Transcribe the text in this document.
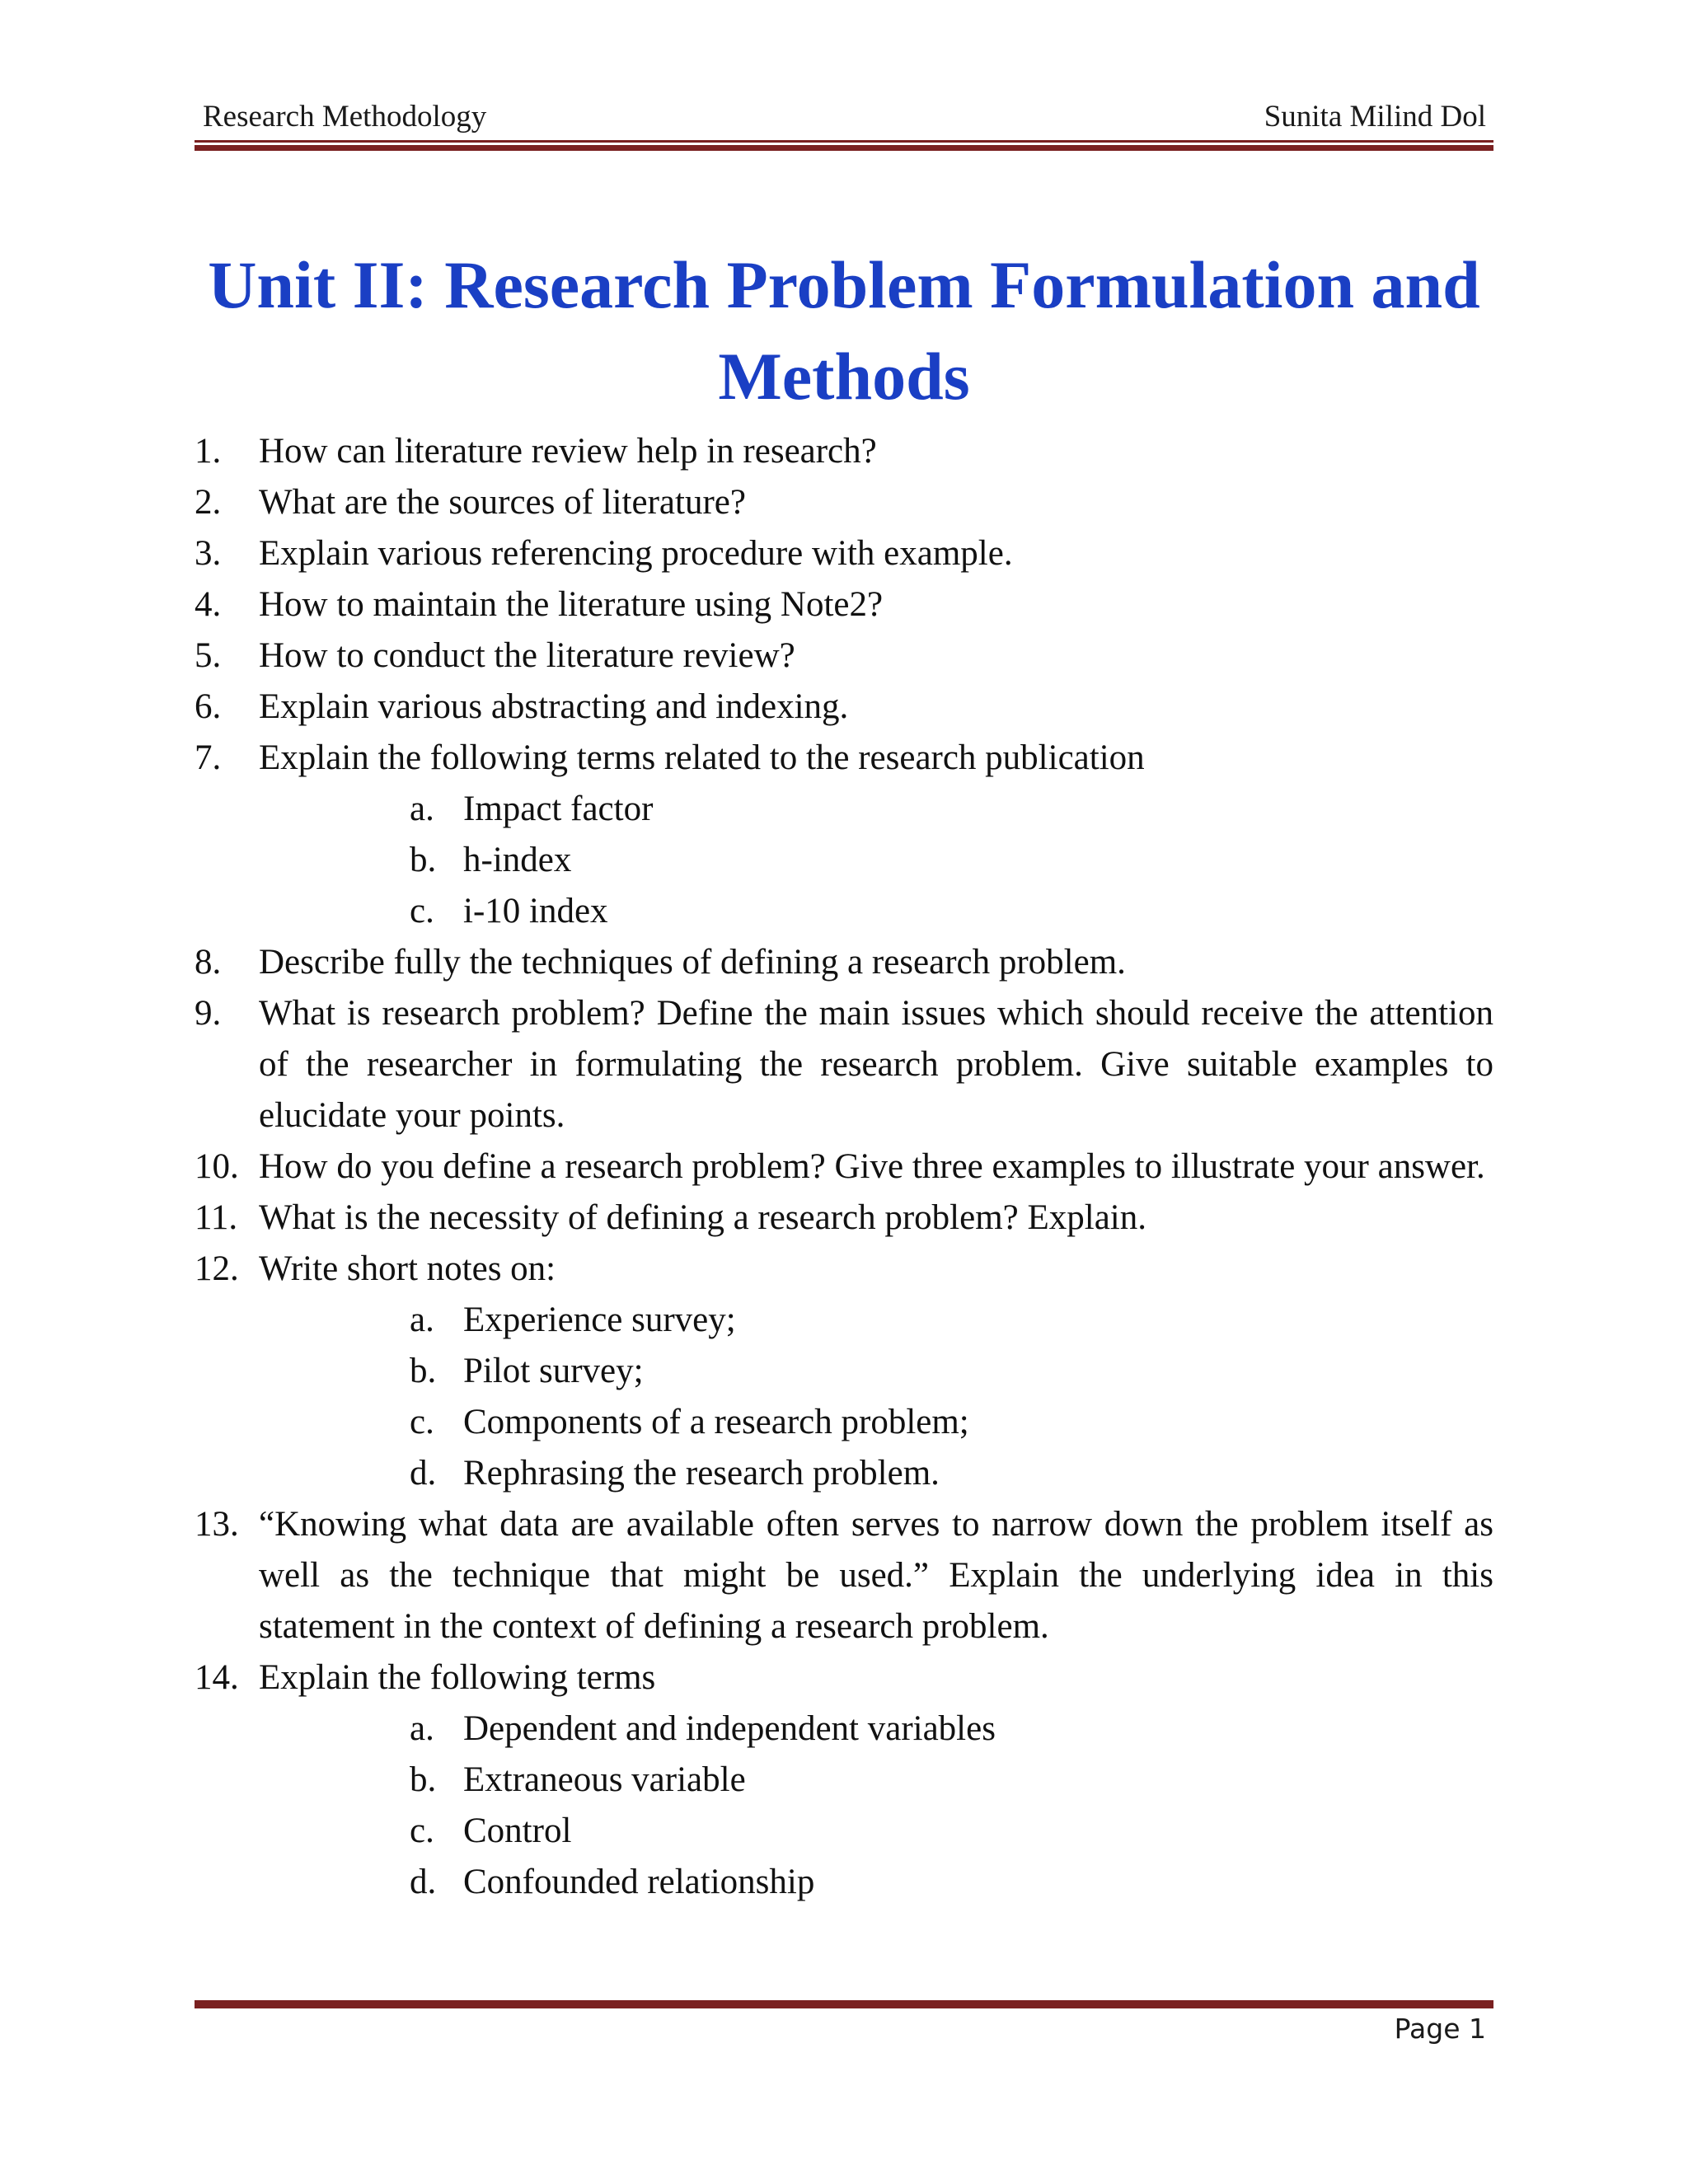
Research Methodology	Sunita Milind Dol
Unit II: Research Problem Formulation and Methods
1.	How can literature review help in research?
2.	What are the sources of literature?
3.	Explain various referencing procedure with example.
4.	How to maintain the literature using Note2?
5.	How to conduct the literature review?
6.	Explain various abstracting and indexing.
7.	Explain the following terms related to the research publication
a. Impact factor
b. h-index
c. i-10 index
8.	Describe fully the techniques of defining a research problem.
9.	What is research problem? Define the main issues which should receive the attention of the researcher in formulating the research problem. Give suitable examples to elucidate your points.
10. How do you define a research problem? Give three examples to illustrate your answer.
11. What is the necessity of defining a research problem? Explain.
12. Write short notes on:
a. Experience survey;
b. Pilot survey;
c. Components of a research problem;
d. Rephrasing the research problem.
13. “Knowing what data are available often serves to narrow down the problem itself as well as the technique that might be used.” Explain the underlying idea in this statement in the context of defining a research problem.
14. Explain the following terms
a. Dependent and independent variables
b. Extraneous variable
c. Control
d. Confounded relationship
Page 1
